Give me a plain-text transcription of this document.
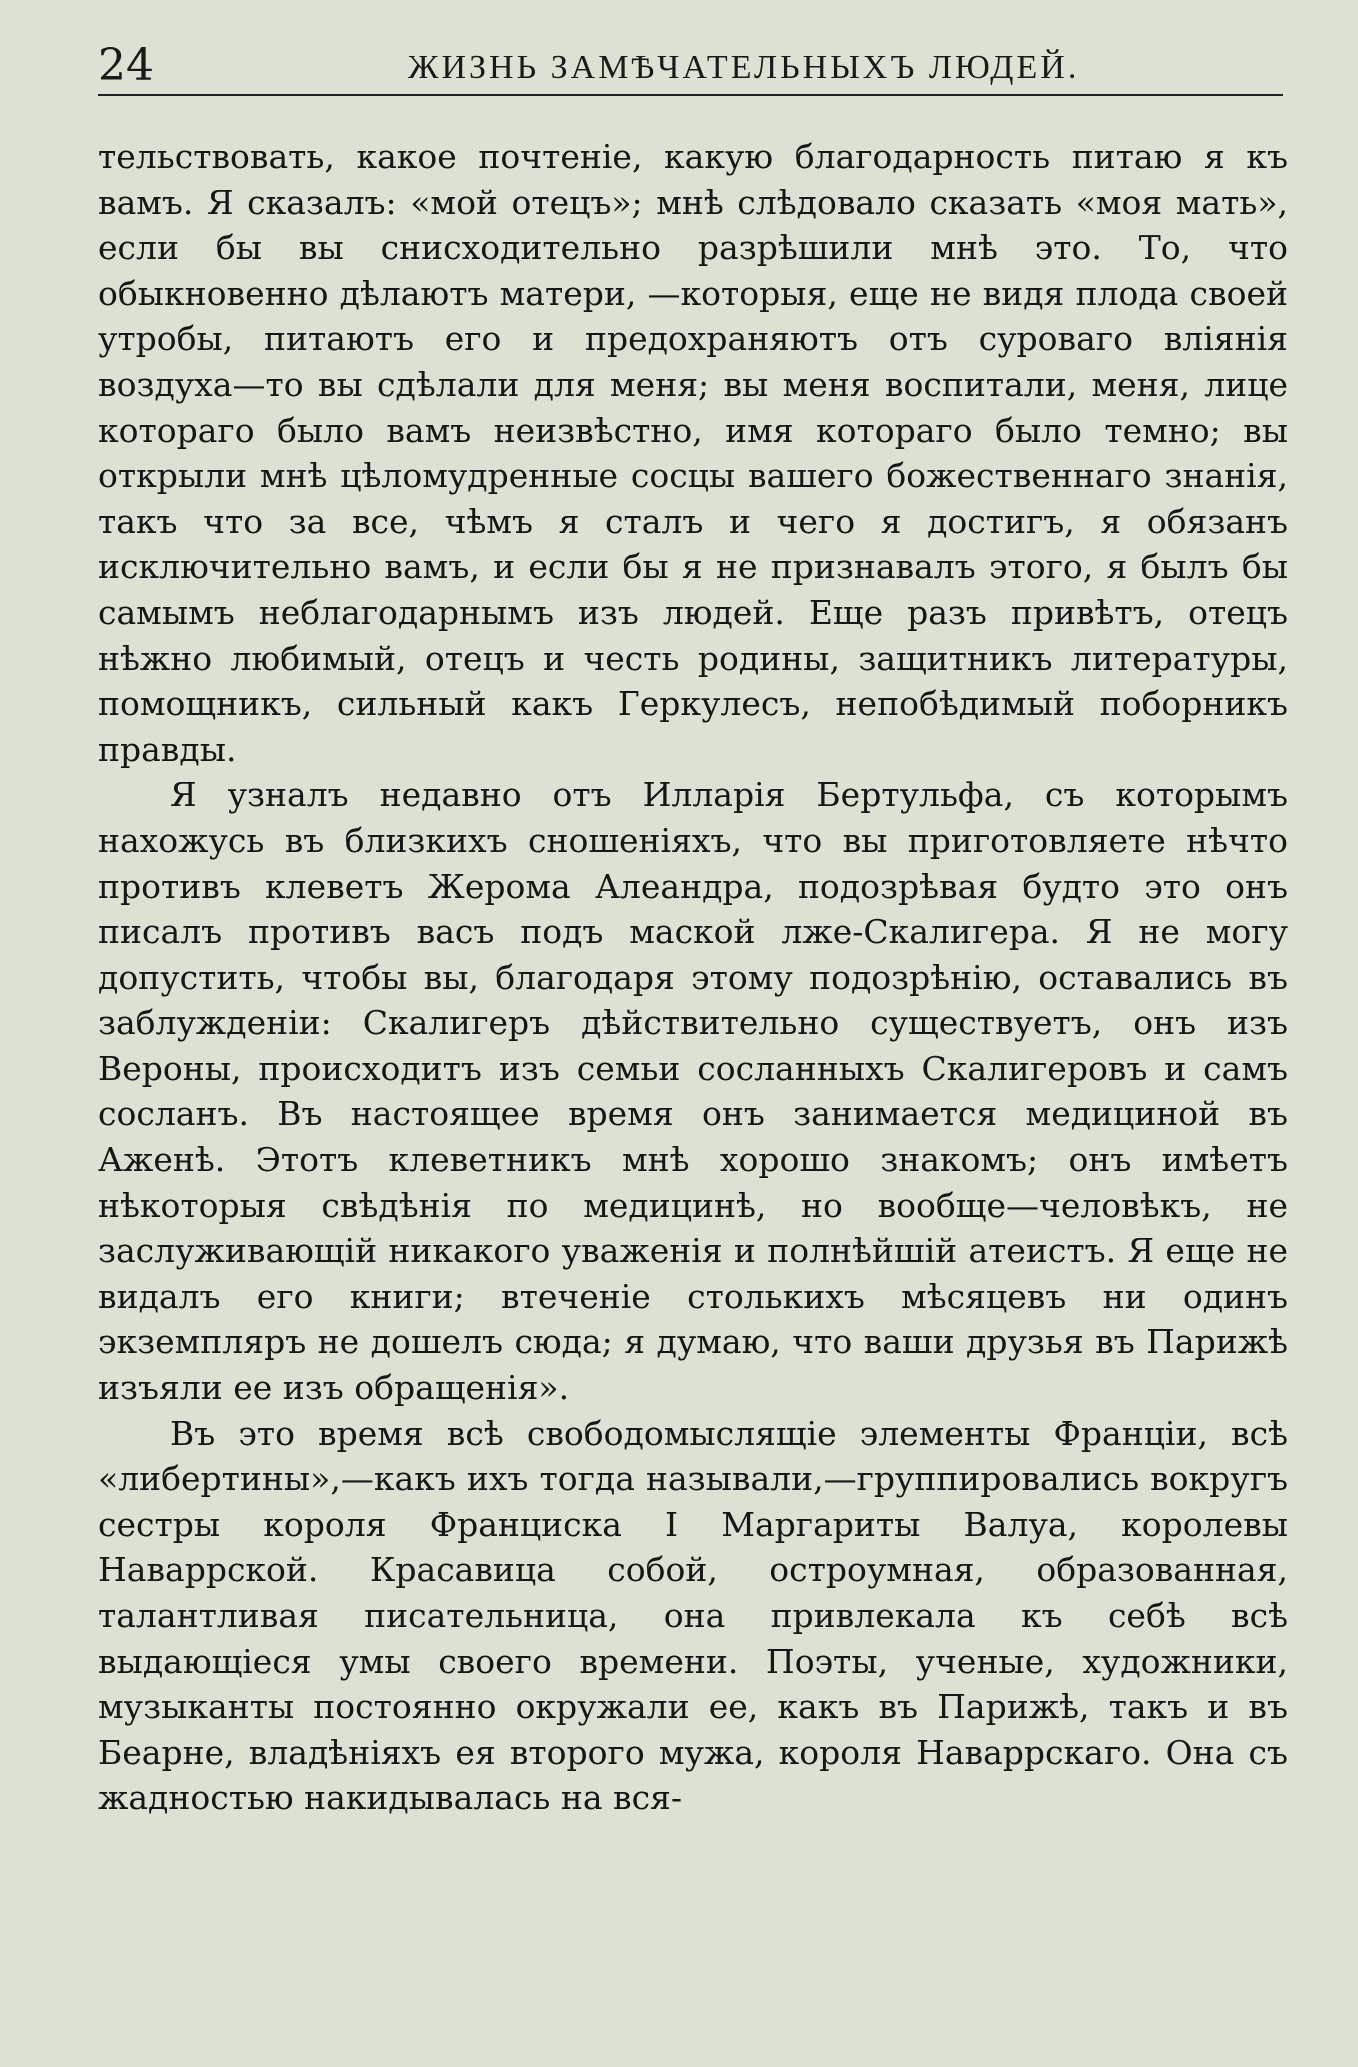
24	ЖИЗНЬ ЗАМѢЧАТЕЛЬНЫХЪ ЛЮДЕЙ.

тельствовать, какое почтеніе, какую благодарность питаю я къ вамъ. Я сказалъ: «мой отецъ»; мнѣ слѣдовало сказать «моя мать», если бы вы снисходительно разрѣшили мнѣ это. То, что обыкновенно дѣлаютъ матери, —которыя, еще не видя плода своей утробы, питаютъ его и предохраняютъ отъ суроваго вліянія воздуха—то вы сдѣлали для меня; вы меня воспитали, меня, лице котораго было вамъ неизвѣстно, имя котораго было темно; вы открыли мнѣ цѣломудренные сосцы вашего божественнаго знанія, такъ что за все, чѣмъ я сталъ и чего я достигъ, я обязанъ исключительно вамъ, и если бы я не признавалъ этого, я былъ бы самымъ неблагодарнымъ изъ людей. Еще разъ привѣтъ, отецъ нѣжно любимый, отецъ и честь родины, защитникъ литературы, помощникъ, сильный какъ Геркулесъ, непобѣдимый поборникъ правды.

Я узналъ недавно отъ Илларія Бертульфа, съ которымъ нахожусь въ близкихъ сношеніяхъ, что вы приготовляете нѣчто противъ клеветъ Жерома Алеандра, подозрѣвая будто это онъ писалъ противъ васъ подъ маской лже-Скалигера. Я не могу допустить, чтобы вы, благодаря этому подозрѣнію, оставались въ заблужденіи: Скалигеръ дѣйствительно существуетъ, онъ изъ Вероны, происходитъ изъ семьи сосланныхъ Скалигеровъ и самъ сосланъ. Въ настоящее время онъ занимается медициной въ Ажeнѣ. Этотъ клеветникъ мнѣ хорошо знакомъ; онъ имѣетъ нѣкоторыя свѣдѣнія по медицинѣ, но вообще—человѣкъ, не заслуживающій никакого уваженія и полнѣйшій атеистъ. Я еще не видалъ его книги; втеченіе столькихъ мѣсяцевъ ни одинъ экземпляръ не дошелъ сюда; я думаю, что ваши друзья въ Парижѣ изъяли ее изъ обращенія».

Въ это время всѣ свободомыслящіе элементы Франціи, всѣ «либертины»,—какъ ихъ тогда называли,—группировались вокругъ сестры короля Франциска I Маргариты Валуа, королевы Наваррской. Красавица собой, остроумная, образованная, талантливая писательница, она привлекала къ себѣ всѣ выдающіеся умы своего времени. Поэты, ученые, художники, музыканты постоянно окружали ее, какъ въ Парижѣ, такъ и въ Беарне, владѣніяхъ ея второго мужа, короля Наваррскаго. Она съ жадностью накидывалась на вся-
